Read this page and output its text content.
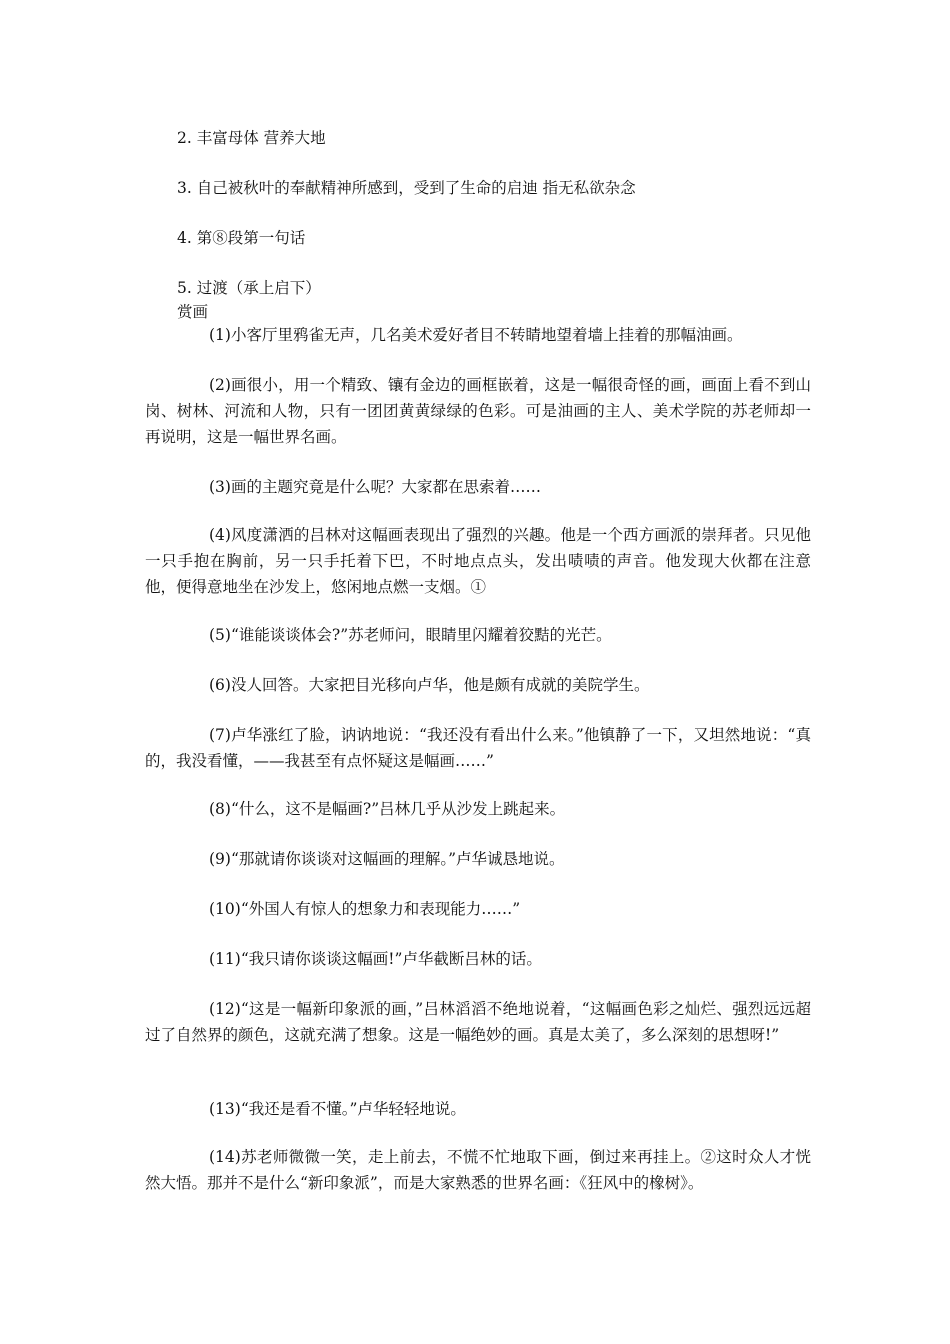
2. 丰富母体 营养大地
3. 自己被秋叶的奉献精神所感到，受到了生命的启迪 指无私欲杂念
4. 第⑧段第一句话
5. 过渡（承上启下）
赏画
(1)小客厅里鸦雀无声，几名美术爱好者目不转睛地望着墙上挂着的那幅油画。
(2)画很小，用一个精致、镶有金边的画框嵌着，这是一幅很奇怪的画，画面上看不到山岗、树林、河流和人物，只有一团团黄黄绿绿的色彩。可是油画的主人、美术学院的苏老师却一再说明，这是一幅世界名画。
(3)画的主题究竟是什么呢？大家都在思索着……
(4)风度潇洒的吕林对这幅画表现出了强烈的兴趣。他是一个西方画派的崇拜者。只见他一只手抱在胸前，另一只手托着下巴，不时地点点头，发出啧啧的声音。他发现大伙都在注意他，便得意地坐在沙发上，悠闲地点燃一支烟。①
(5)“谁能谈谈体会?”苏老师问，眼睛里闪耀着狡黠的光芒。
(6)没人回答。大家把目光移向卢华，他是颇有成就的美院学生。
(7)卢华涨红了脸，讷讷地说：“我还没有看出什么来。”他镇静了一下，又坦然地说：“真的，我没看懂，——我甚至有点怀疑这是幅画……”
(8)“什么，这不是幅画?”吕林几乎从沙发上跳起来。
(9)“那就请你谈谈对这幅画的理解。”卢华诚恳地说。
(10)“外国人有惊人的想象力和表现能力……”
(11)“我只请你谈谈这幅画!”卢华截断吕林的话。
(12)“这是一幅新印象派的画，”吕林滔滔不绝地说着，“这幅画色彩之灿烂、强烈远远超过了自然界的颜色，这就充满了想象。这是一幅绝妙的画。真是太美了，多么深刻的思想呀!”
(13)“我还是看不懂。”卢华轻轻地说。
(14)苏老师微微一笑，走上前去，不慌不忙地取下画，倒过来再挂上。②这时众人才恍然大悟。那并不是什么“新印象派”，而是大家熟悉的世界名画：《狂风中的橡树》。
